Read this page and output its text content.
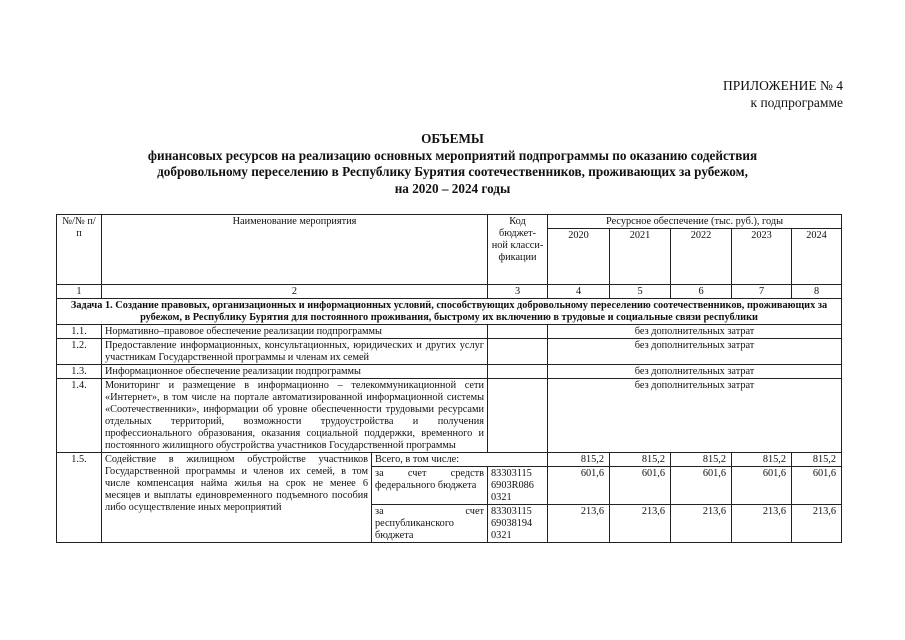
ПРИЛОЖЕНИЕ № 4
к подпрограмме
ОБЪЕМЫ
финансовых ресурсов на реализацию основных мероприятий подпрограммы по оказанию содействия
добровольному переселению в Республику Бурятия соотечественников, проживающих за рубежом,
на 2020 – 2024 годы
№/№ п/п	Наименование мероприятия		Код бюджет-ной класси-фикации	Ресурсное обеспечение (тыс. руб.), годы				
				2020	2021	2022	2023	2024
1	2		3	4	5	6	7	8
Задача 1. Создание правовых, организационных и информационных условий, способствующих добровольному переселению соотечественников, проживающих за рубежом, в Республику Бурятия для постоянного проживания, быстрому их включению в трудовые и социальные связи республики								
1.1.	Нормативно–правовое обеспечение реализации подпрограммы			без дополнительных затрат				
1.2.	Предоставление информационных, консультационных, юридических и других услуг участникам Государственной программы и членам их семей			без дополнительных затрат				
1.3.	Информационное обеспечение реализации подпрограммы			без дополнительных затрат				
1.4.	Мониторинг и размещение в информационно – телекоммуникационной сети «Интернет», в том числе на портале автоматизированной информационной системы «Соотечественники», информации об уровне обеспеченности трудовыми ресурсами отдельных территорий, возможности трудоустройства и получения профессионального образования, оказания социальной поддержки, временного и постоянного жилищного обустройства участников Государственной программы			без дополнительных затрат				
1.5.	Содействие в жилищном обустройстве участников Государственной программы и членов их семей, в том числе компенсация найма жилья на срок не менее 6 месяцев и выплаты единовременного подъемного пособия либо осуществление иных мероприятий	Всего, в том числе:		815,2	815,2	815,2	815,2	815,2
		за счет средств федерального бюджета	83303115 6903R086 0321	601,6	601,6	601,6	601,6	601,6
		за счет республиканского бюджета	83303115 69038194 0321	213,6	213,6	213,6	213,6	213,6
